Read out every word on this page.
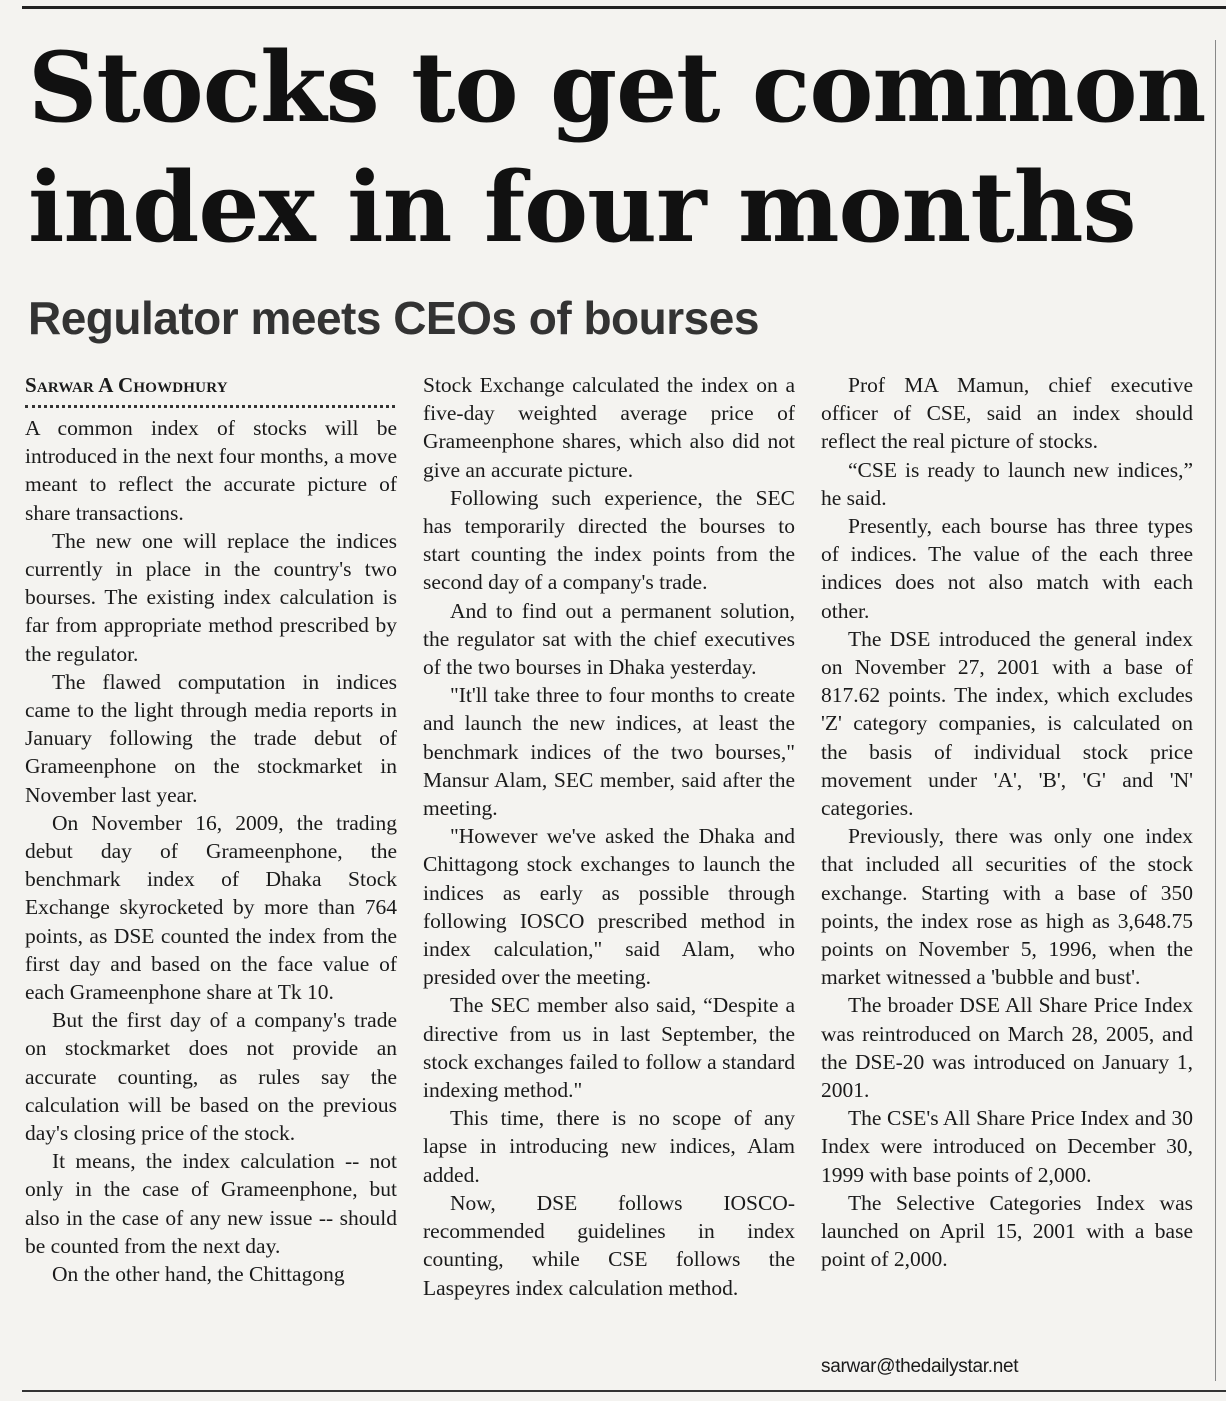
Stocks to get common
index in four months
Regulator meets CEOs of bourses
Sarwar A Chowdhury

A common index of stocks will be introduced in the next four months, a move meant to reflect the accurate picture of share transactions.

The new one will replace the indices currently in place in the country's two bourses. The existing index calculation is far from appropriate method prescribed by the regulator.

The flawed computation in indices came to the light through media reports in January following the trade debut of Grameenphone on the stockmarket in November last year.

On November 16, 2009, the trading debut day of Grameenphone, the benchmark index of Dhaka Stock Exchange skyrocketed by more than 764 points, as DSE counted the index from the first day and based on the face value of each Grameenphone share at Tk 10.

But the first day of a company's trade on stockmarket does not provide an accurate counting, as rules say the calculation will be based on the previous day's closing price of the stock.

It means, the index calculation -- not only in the case of Grameenphone, but also in the case of any new issue -- should be counted from the next day.

On the other hand, the Chittagong

Stock Exchange calculated the index on a five-day weighted average price of Grameenphone shares, which also did not give an accurate picture.

Following such experience, the SEC has temporarily directed the bourses to start counting the index points from the second day of a company's trade.

And to find out a permanent solution, the regulator sat with the chief executives of the two bourses in Dhaka yesterday.

"It'll take three to four months to create and launch the new indices, at least the benchmark indices of the two bourses," Mansur Alam, SEC member, said after the meeting.

"However we've asked the Dhaka and Chittagong stock exchanges to launch the indices as early as possible through following IOSCO prescribed method in index calculation," said Alam, who presided over the meeting.

The SEC member also said, “Despite a directive from us in last September, the stock exchanges failed to follow a standard indexing method."

This time, there is no scope of any lapse in introducing new indices, Alam added.

Now, DSE follows IOSCO-recommended guidelines in index counting, while CSE follows the Laspeyres index calculation method.

Prof MA Mamun, chief executive officer of CSE, said an index should reflect the real picture of stocks.

“CSE is ready to launch new indices,” he said.

Presently, each bourse has three types of indices. The value of the each three indices does not also match with each other.

The DSE introduced the general index on November 27, 2001 with a base of 817.62 points. The index, which excludes 'Z' category companies, is calculated on the basis of individual stock price movement under 'A', 'B', 'G' and 'N' categories.

Previously, there was only one index that included all securities of the stock exchange. Starting with a base of 350 points, the index rose as high as 3,648.75 points on November 5, 1996, when the market witnessed a 'bubble and bust'.

The broader DSE All Share Price Index was reintroduced on March 28, 2005, and the DSE-20 was introduced on January 1, 2001.

The CSE's All Share Price Index and 30 Index were introduced on December 30, 1999 with base points of 2,000.

The Selective Categories Index was launched on April 15, 2001 with a base point of 2,000.

sarwar@thedailystar.net
